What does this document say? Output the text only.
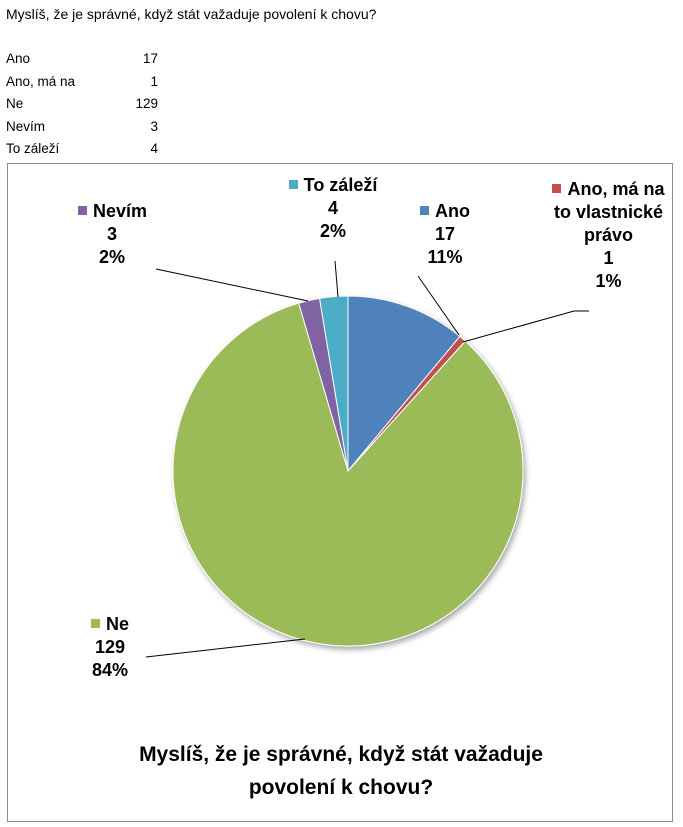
Myslíš, že je správné, když stát važaduje povolení k chovu?
Ano	17
Ano, má na	1
Ne	129
Nevím	3
To záleží	4
Ano
17
11%
Ano, má na
to vlastnické
právo
1
1%
Ne
129
84%
Nevím
3
2%
To záleží
4
2%
Myslíš, že je správné, když stát važaduje
povolení k chovu?
